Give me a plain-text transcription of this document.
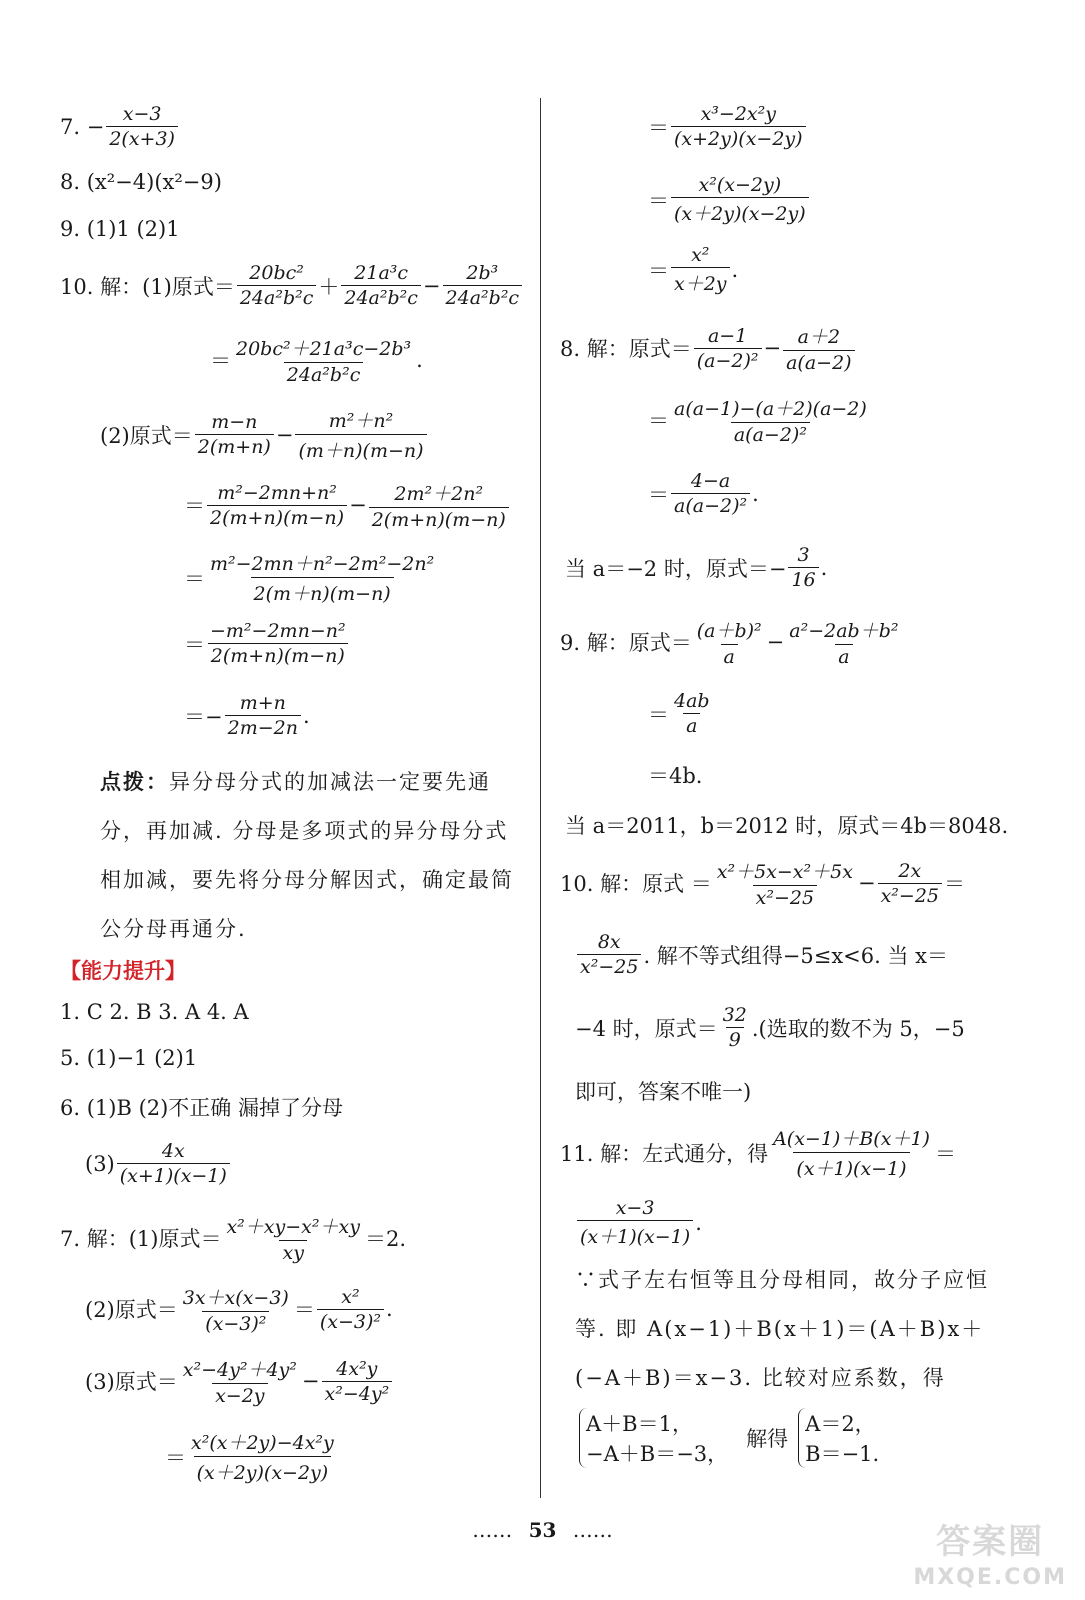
7. − $\frac{x-3}{2(x+3)}$
8. (x²−4)(x²−9)
9. (1)1 (2)1
10. 解：(1)原式＝ $\frac{\text{20bc²}}{\text{24a²b²c}} + \frac{\text{21a³c}}{\text{24a²b²c}} - \frac{\text{2b³}}{\text{24a²b²c}}$
＝ $\frac{\text{20bc²＋21a³c−2b³}}{\text{24a²b²c}}$ .
(2)原式＝ $\frac{m-n}{2(m+n)} - \frac{\text{m²＋n²}}{(m+n)(m-n)}$
＝ $\frac{\text{m²−2mn+n²}}{2(m+n)(m-n)} - \frac{\text{2m²＋2n²}}{2(m+n)(m-n)}$
＝ $\frac{\text{m²−2mn＋n²−2m²−2n²}}{2(m+n)(m-n)}$
＝ $\frac{\text{−m²−2mn−n²}}{2(m+n)(m-n)}$
＝− $\frac{m+n}{2m-2n}$ .
点拨：异分母分式的加减法一定要先通分，再加减. 分母是多项式的异分母分式相加减，要先将分母分解因式，确定最简公分母再通分.
【能力提升】
1. C 2. B 3. A 4. A
5. (1)−1 (2)1
6. (1)B (2)不正确 漏掉了分母
$(3) \frac{4x}{(x+1)(x-1)}$
7. 解：(1)原式＝ $\frac{\text{x²＋xy−x²＋xy}}{xy} =2$.
(2)原式＝ $\frac{3x+x(x-3)}{\text{(x−3)²}} = \frac{\text{x²}}{\text{(x−3)²}}$ .
(3)原式＝ $\frac{\text{x²−4y²＋4y²}}{x-2y} - \frac{\text{4x²y}}{\text{x²−4y²}}$
＝ $\frac{\text{x²(x＋2y)−4x²y}}{(x+2y)(x-2y)}$
＝ $\frac{\text{x³−2x²y}}{(x+2y)(x-2y)}$
＝ $\frac{\text{x²(x−2y)}}{(x+2y)(x-2y)}$
＝ $\frac{\text{x²}}{x+2y}$ .
8. 解：原式＝ $\frac{a-1}{\text{(a−2)²}} - \frac{a+2}{a(a-2)}$
＝ $\frac{a(a-1)-(a+2)(a-2)}{\text{a(a−2)²}}$
＝ $\frac{4-a}{\text{a(a−2)²}}$ .
当 a＝−2 时，原式＝− $\frac{3}{16}$ .
9. 解：原式＝ $\frac{\text{(a＋b)²}}{a} - \frac{\text{a²−2ab＋b²}}{a}$
＝ $\frac{4ab}{a}$
＝4b.
当 a＝2011，b＝2012 时，原式＝4b＝8048.
10. 解：原式 ＝ $\frac{\text{x²＋5x−x²＋5x}}{\text{x²−25}} - \frac{2x}{\text{x²−25}}$ ＝
$\frac{8x}{\text{x²−25}}$ . 解不等式组得−5≤x<6. 当 x＝
−4 时，原式＝ $\frac{32}{9}$ .(选取的数不为 5，−5
即可，答案不唯一)
11. 解：左式通分，得 $\frac{A(x-1)+B(x+1)}{(x+1)(x-1)}$ ＝
$\frac{x-3}{(x+1)(x-1)}$ .
∵式子左右恒等且分母相同，故分子应恒等. 即 A(x−1)＋B(x＋1)＝(A＋B)x＋(−A＋B)＝x−3. 比较对应系数，得
A＋B＝1，
−A＋B＝−3，
解得
A＝2，
B＝−1.
…… 53 ……	答案圈
MXQE.COM
